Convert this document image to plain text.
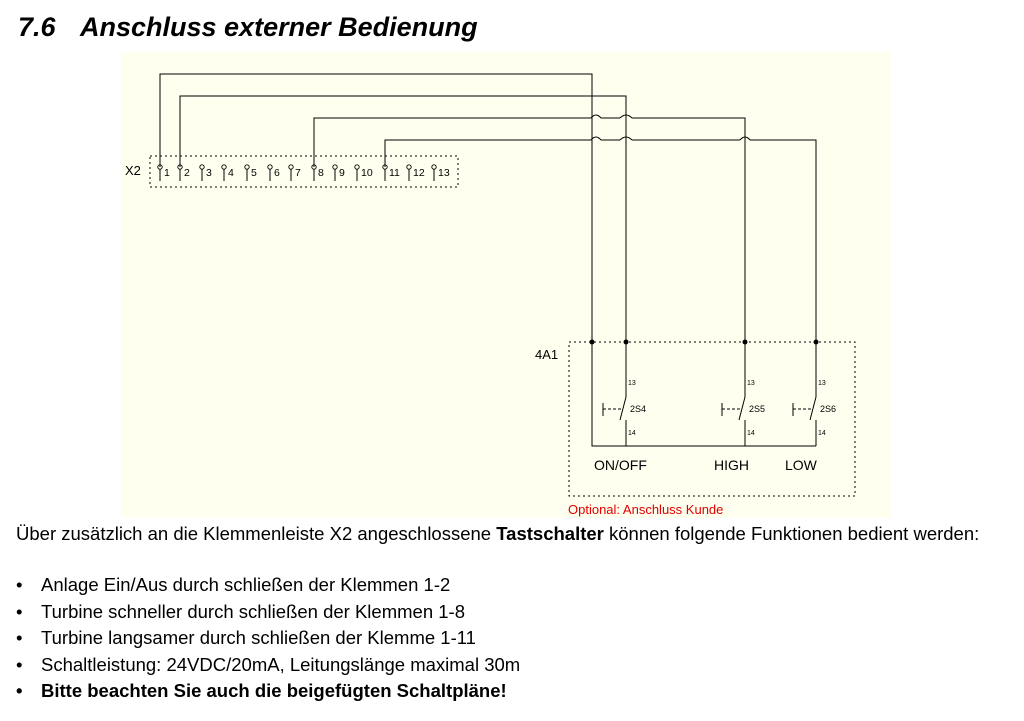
7.6 Anschluss externer Bedienung
X2 1 2 3 4 5 6 7 8 9 10 11 12 13
4A1
13
2S4
14
13
2S5
14
13
2S6
14
ON/OFF	HIGH	LOW
Optional: Anschluss Kunde

Über zusätzlich an die Klemmenleiste X2 angeschlossene Tastschalter können folgende Funktionen bedient werden:

• Anlage Ein/Aus durch schließen der Klemmen 1-2
• Turbine schneller durch schließen der Klemmen 1-8
• Turbine langsamer durch schließen der Klemme 1-11
• Schaltleistung: 24VDC/20mA, Leitungslänge maximal 30m
• Bitte beachten Sie auch die beigefügten Schaltpläne!
